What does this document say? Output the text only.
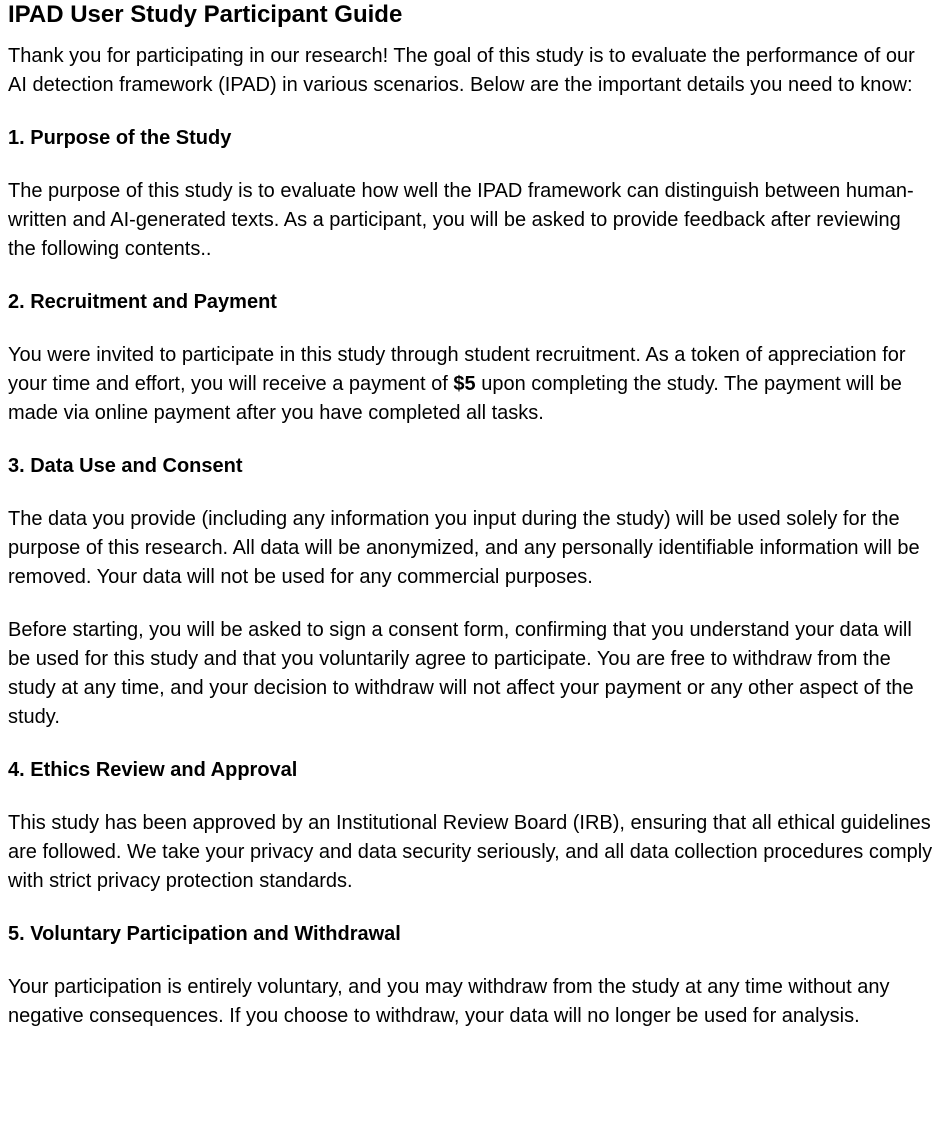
IPAD User Study Participant Guide

Thank you for participating in our research! The goal of this study is to evaluate the performance of our AI detection framework (IPAD) in various scenarios. Below are the important details you need to know:

1. Purpose of the Study

The purpose of this study is to evaluate how well the IPAD framework can distinguish between human-written and AI-generated texts. As a participant, you will be asked to provide feedback after reviewing the following contents..

2. Recruitment and Payment

You were invited to participate in this study through student recruitment. As a token of appreciation for your time and effort, you will receive a payment of $5 upon completing the study. The payment will be made via online payment after you have completed all tasks.

3. Data Use and Consent

The data you provide (including any information you input during the study) will be used solely for the purpose of this research. All data will be anonymized, and any personally identifiable information will be removed. Your data will not be used for any commercial purposes.

Before starting, you will be asked to sign a consent form, confirming that you understand your data will be used for this study and that you voluntarily agree to participate. You are free to withdraw from the study at any time, and your decision to withdraw will not affect your payment or any other aspect of the study.

4. Ethics Review and Approval

This study has been approved by an Institutional Review Board (IRB), ensuring that all ethical guidelines are followed. We take your privacy and data security seriously, and all data collection procedures comply with strict privacy protection standards.

5. Voluntary Participation and Withdrawal

Your participation is entirely voluntary, and you may withdraw from the study at any time without any negative consequences. If you choose to withdraw, your data will no longer be used for analysis.
